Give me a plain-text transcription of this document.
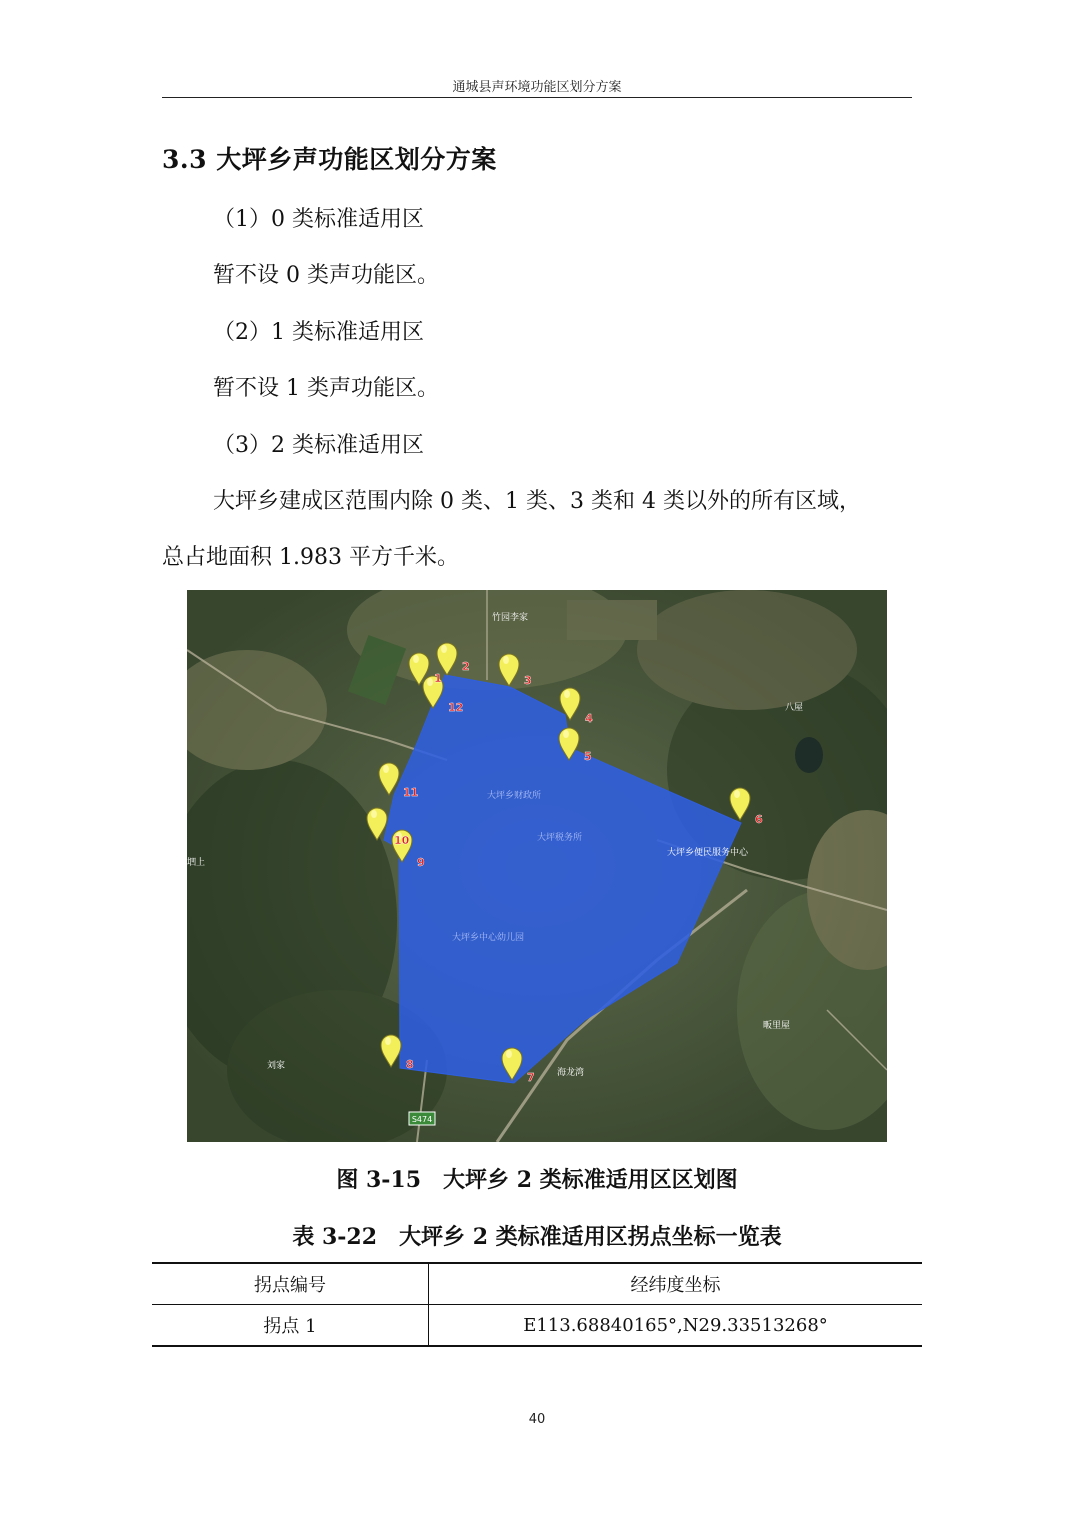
通城县声环境功能区划分方案
3.3 大坪乡声功能区划分方案
（1）0 类标准适用区
暂不设 0 类声功能区。
（2）1 类标准适用区
暂不设 1 类声功能区。
（3）2 类标准适用区
大坪乡建成区范围内除 0 类、1 类、3 类和 4 类以外的所有区域，
总占地面积 1.983 平方千米。
竹园李家
八屋
大坪乡财政所
大坪税务所
大坪乡便民服务中心
大坪乡中心幼儿园
垇上
刘家
海龙湾
畈里屋
S474
1
2
3
4
5
6
7
8
9
10
11
12
图 3-15　大坪乡 2 类标准适用区区划图
表 3-22　大坪乡 2 类标准适用区拐点坐标一览表
拐点编号	经纬度坐标
拐点 1	E113.68840165°,N29.33513268°
40
